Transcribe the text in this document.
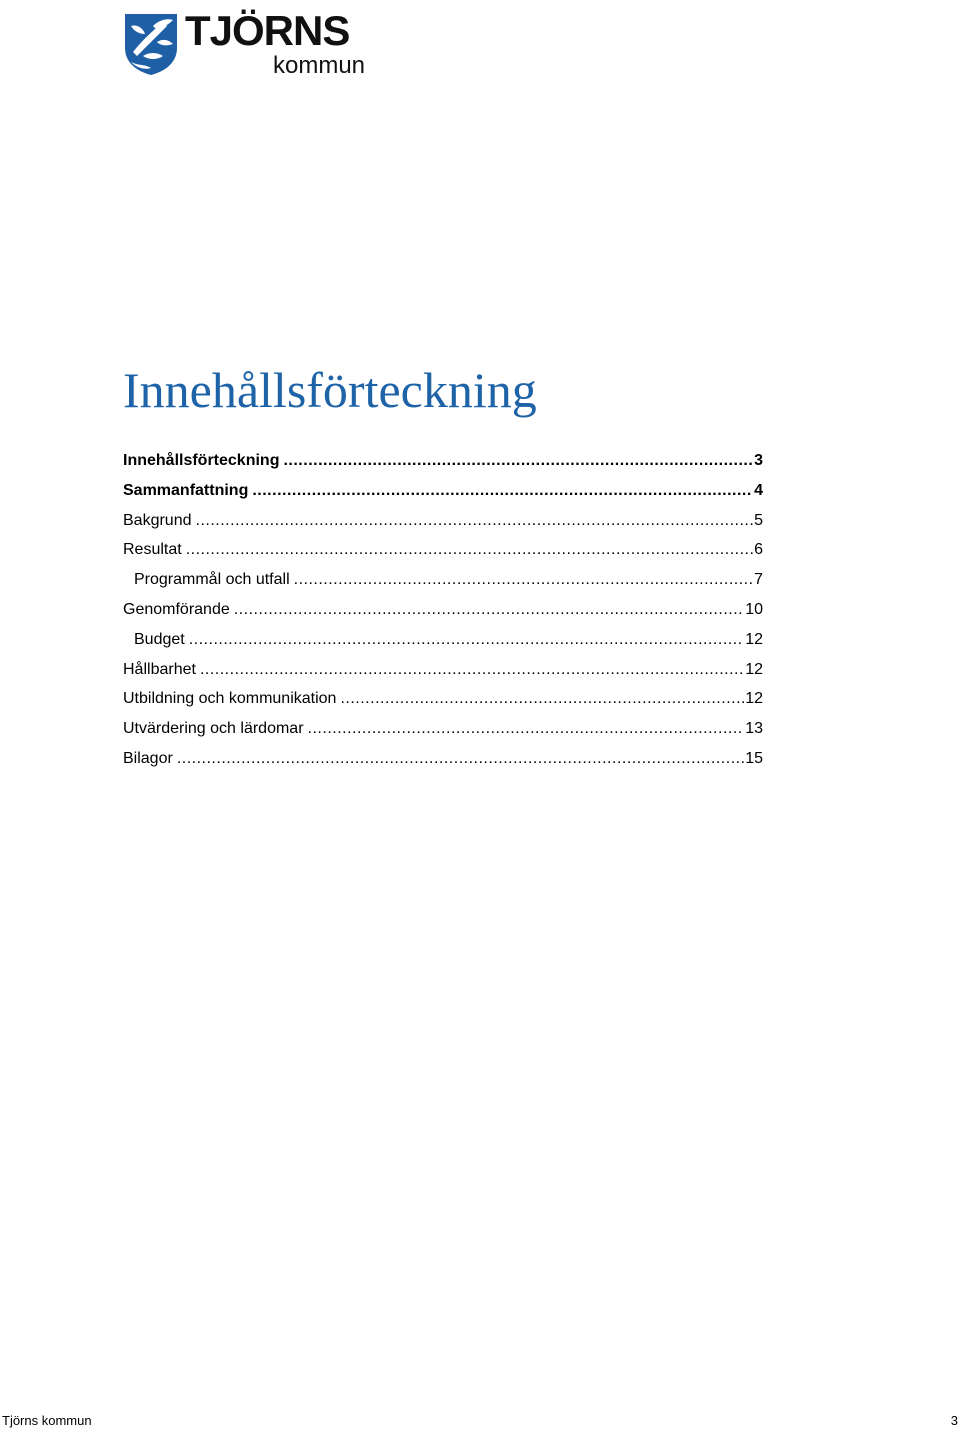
TJÖRNS
kommun
Innehållsförteckning
Innehållsförteckning .....	3
Sammanfattning .....	4
Bakgrund .....	5
Resultat .....	6
Programmål och utfall .....	7
Genomförande .....	10
Budget .....	12
Hållbarhet .....	12
Utbildning och kommunikation .....	12
Utvärdering och lärdomar .....	13
Bilagor .....	15
Tjörns kommun	3
